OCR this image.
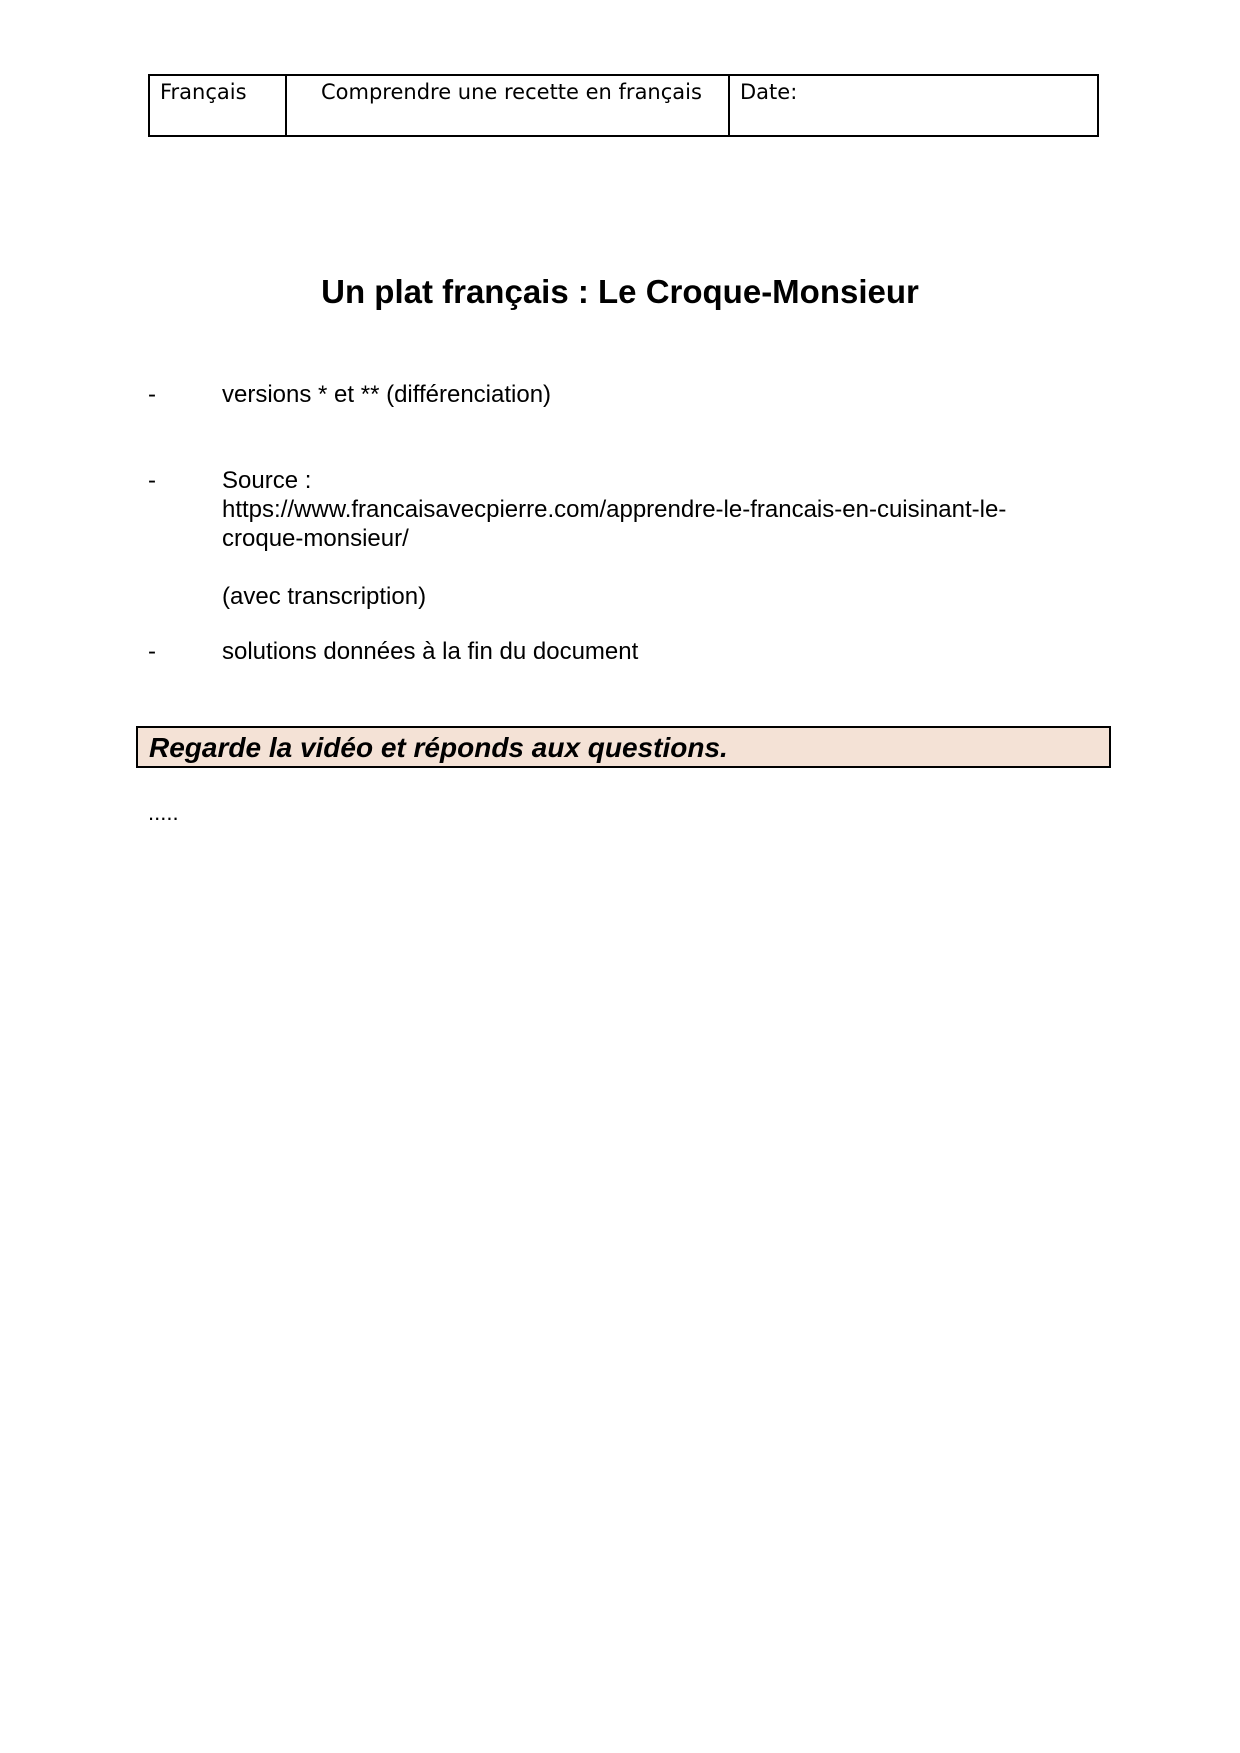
Français	Comprendre une recette en français	Date:
Un plat français : Le Croque-Monsieur
-	versions * et ** (différenciation)
-	Source :
https://www.francaisavecpierre.com/apprendre-le-francais-en-cuisinant-le-
croque-monsieur/
(avec transcription)
-	solutions données à la fin du document
Regarde la vidéo et réponds aux questions.
.....
